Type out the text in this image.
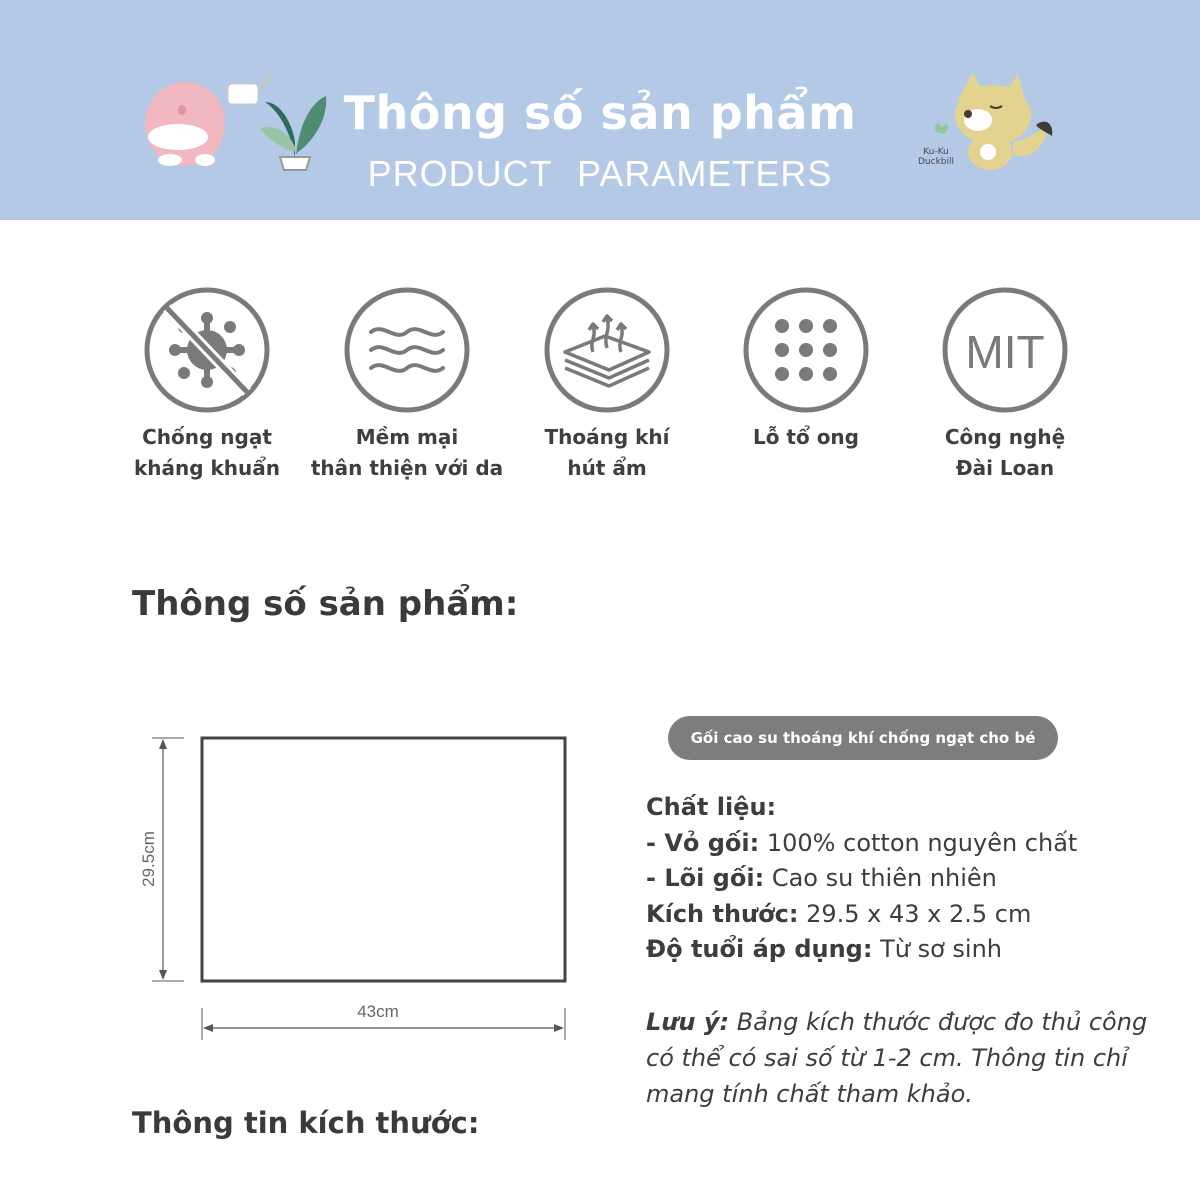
Thông số sản phẩm
PRODUCT PARAMETERS
Ku-Ku Duckbill
Chống ngạt
kháng khuẩn
Mềm mại
thân thiện với da
Thoáng khí
hút ẩm
Lỗ tổ ong
MIT
Công nghệ
Đài Loan
Thông số sản phẩm:
Thông tin kích thước:
29.5cm
43cm
Gối cao su thoáng khí chống ngạt cho bé KUKU
Chất liệu:
- Vỏ gối: 100% cotton nguyên chất
- Lõi gối: Cao su thiên nhiên
Kích thước: 29.5 x 43 x 2.5 cm
Độ tuổi áp dụng: Từ sơ sinh
Lưu ý: Bảng kích thước được đo thủ công
có thể có sai số từ 1-2 cm. Thông tin chỉ
mang tính chất tham khảo.
